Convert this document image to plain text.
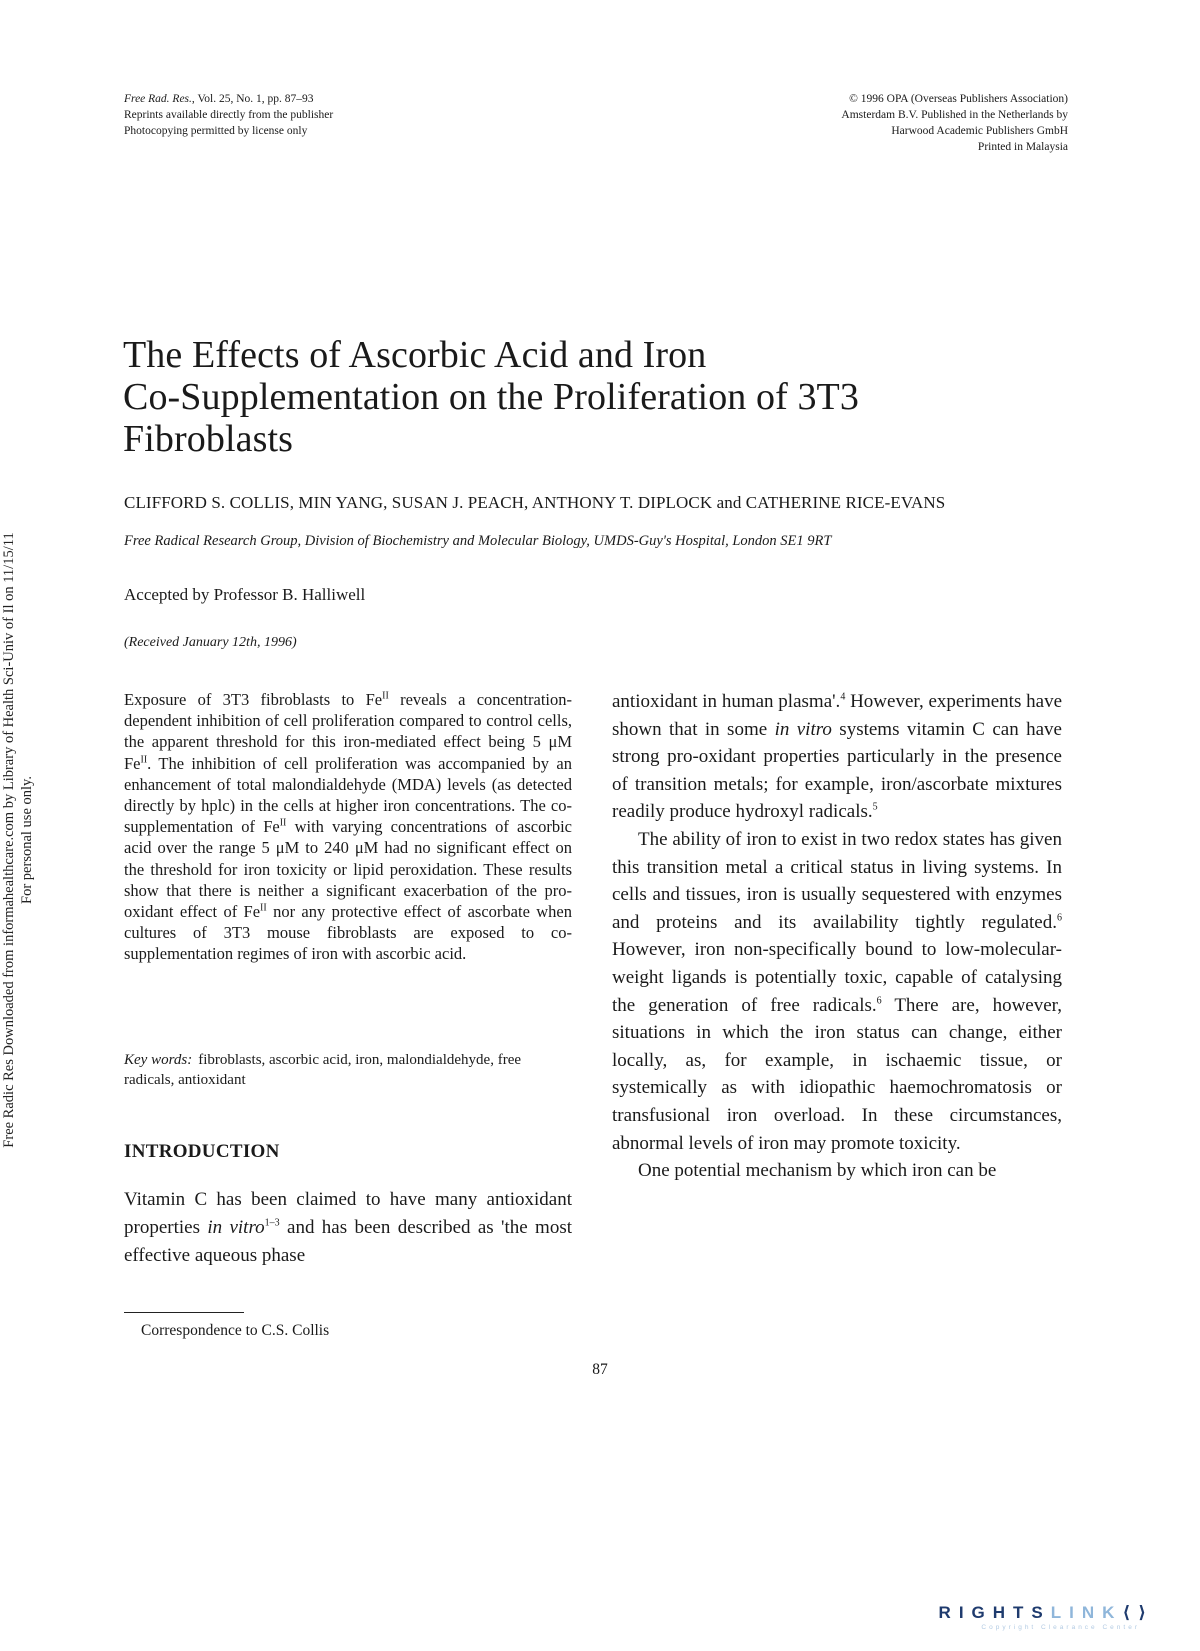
Free Rad. Res., Vol. 25, No. 1, pp. 87–93
Reprints available directly from the publisher
Photocopying permitted by license only
© 1996 OPA (Overseas Publishers Association)
Amsterdam B.V. Published in the Netherlands by
Harwood Academic Publishers GmbH
Printed in Malaysia
The Effects of Ascorbic Acid and Iron
Co-Supplementation on the Proliferation of 3T3
Fibroblasts
CLIFFORD S. COLLIS, MIN YANG, SUSAN J. PEACH, ANTHONY T. DIPLOCK and CATHERINE RICE-EVANS
Free Radical Research Group, Division of Biochemistry and Molecular Biology, UMDS-Guy's Hospital, London SE1 9RT
Accepted by Professor B. Halliwell
(Received January 12th, 1996)

Exposure of 3T3 fibroblasts to $Fe^{II}$ reveals a concentration-dependent inhibition of cell proliferation compared to control cells, the apparent threshold for this iron-mediated effect being 5 μM $Fe^{II}$. The inhibition of cell proliferation was accompanied by an enhancement of total malondialdehyde (MDA) levels (as detected directly by hplc) in the cells at higher iron concentrations. The co-supplementation of $Fe^{II}$ with varying concentrations of ascorbic acid over the range 5 μM to 240 μM had no significant effect on the threshold for iron toxicity or lipid peroxidation. These results show that there is neither a significant exacerbation of the pro-oxidant effect of $Fe^{II}$ nor any protective effect of ascorbate when cultures of 3T3 mouse fibroblasts are exposed to co-supplementation regimes of iron with ascorbic acid.

Key words: fibroblasts, ascorbic acid, iron, malondialdehyde, free radicals, antioxidant

INTRODUCTION

Vitamin C has been claimed to have many antioxidant properties in vitro$^{1-3}$ and has been described as 'the most effective aqueous phase

antioxidant in human plasma'.$^4$ However, experiments have shown that in some in vitro systems vitamin C can have strong pro-oxidant properties particularly in the presence of transition metals; for example, iron/ascorbate mixtures readily produce hydroxyl radicals.$^5$

The ability of iron to exist in two redox states has given this transition metal a critical status in living systems. In cells and tissues, iron is usually sequestered with enzymes and proteins and its availability tightly regulated.$^6$ However, iron non-specifically bound to low-molecular-weight ligands is potentially toxic, capable of catalysing the generation of free radicals.$^6$ There are, however, situations in which the iron status can change, either locally, as, for example, in ischaemic tissue, or systemically as with idiopathic haemochromatosis or transfusional iron overload. In these circumstances, abnormal levels of iron may promote toxicity.

One potential mechanism by which iron can be

Correspondence to C.S. Collis
87
Free Radic Res Downloaded from informahealthcare.com by Library of Health Sci-Univ of Il on 11/15/11 For personal use only.
RIGHTSLINK⟨⟩
Copyright Clearance Center
